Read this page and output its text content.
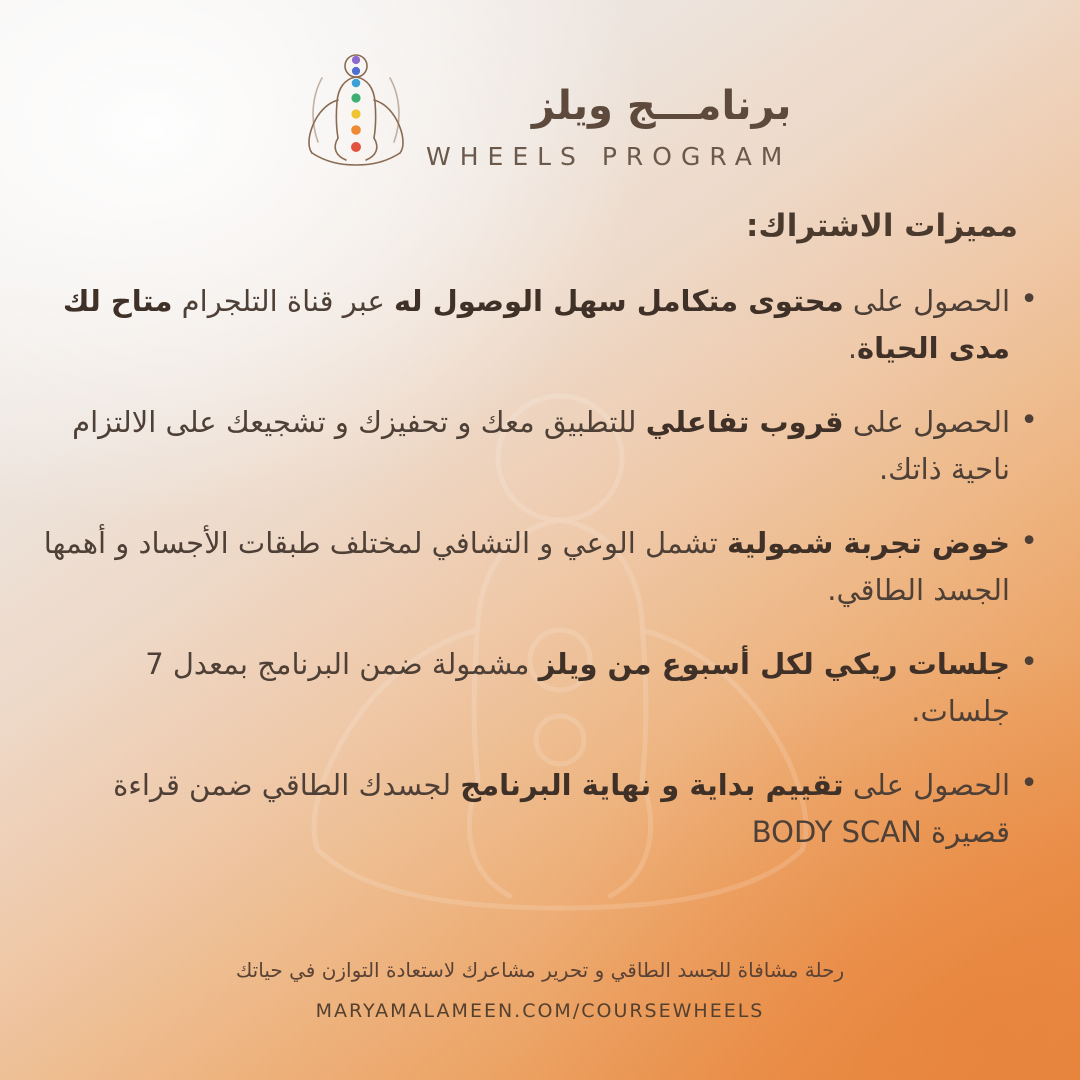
برنامـــج ويلز
WHEELS PROGRAM
مميزات الاشتراك:
• الحصول على محتوى متكامل سهل الوصول له عبر قناة التلجرام متاح لك مدى الحياة.
• الحصول على قروب تفاعلي للتطبيق معك و تحفيزك و تشجيعك على الالتزام ناحية ذاتك.
• خوض تجربة شمولية تشمل الوعي و التشافي لمختلف طبقات الأجساد و أهمها الجسد الطاقي.
• جلسات ريكي لكل أسبوع من ويلز مشمولة ضمن البرنامج بمعدل 7 جلسات.
• الحصول على تقييم بداية و نهاية البرنامج لجسدك الطاقي ضمن قراءة قصيرة BODY SCAN
رحلة مشافاة للجسد الطاقي و تحرير مشاعرك لاستعادة التوازن في حياتك
MARYAMALAMEEN.COM/COURSEWHEELS
